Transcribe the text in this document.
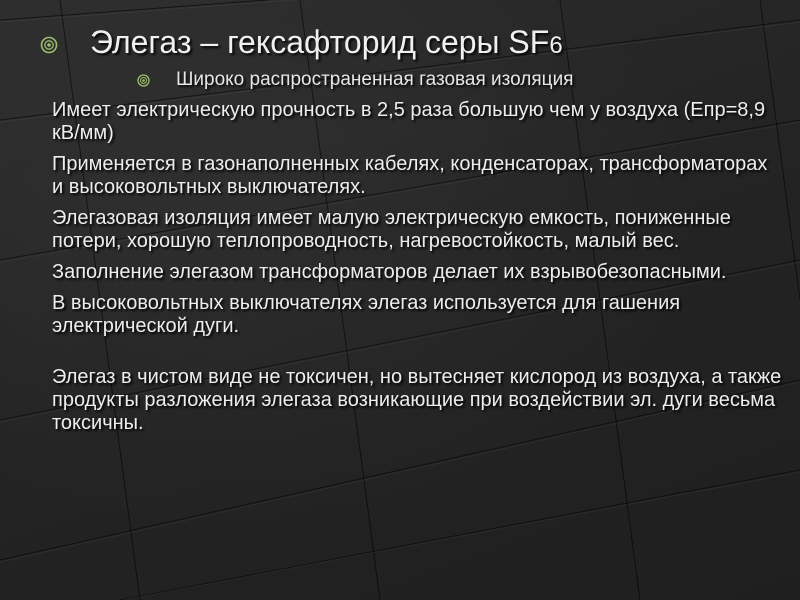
Элегаз – гексафторид серы SF6
Широко распространенная газовая изоляция

Имеет электрическую прочность в 2,5 раза большую чем у воздуха (Епр=8,9 кВ/мм)

Применяется в газонаполненных кабелях, конденсаторах, трансформаторах и высоковольтных выключателях.

Элегазовая изоляция имеет малую электрическую емкость, пониженные потери, хорошую теплопроводность, нагревостойкость, малый вес.

Заполнение элегазом трансформаторов делает их взрывобезопасными.

В высоковольтных выключателях элегаз используется для гашения электрической дуги.

Элегаз в чистом виде не токсичен, но вытесняет кислород из воздуха, а также продукты разложения элегаза возникающие при воздействии эл. дуги весьма токсичны.
